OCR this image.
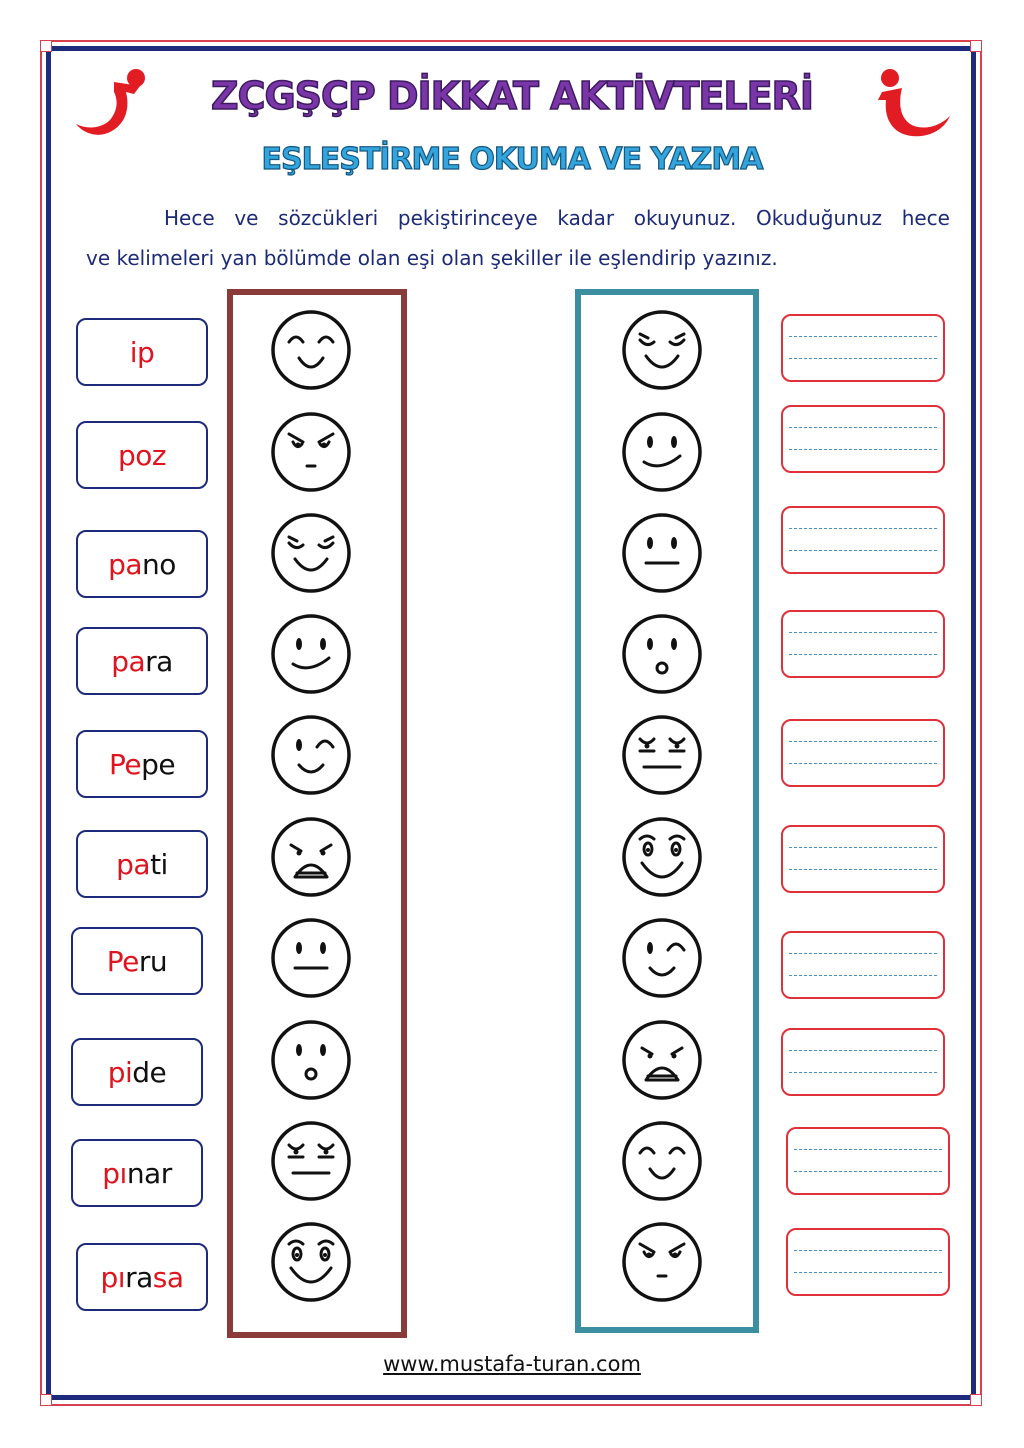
ZÇGŞÇP DİKKAT AKTİVTELERİ
EŞLEŞTİRME OKUMA VE YAZMA

Hece ve sözcükleri pekiştirinceye kadar okuyunuz. Okuduğunuz hece

ve kelimeleri yan bölümde olan eşi olan şekiller ile eşlendirip yazınız.

ip
poz
pano
para
Pepe
pati
Peru
pide
pınar
pırasa

www.mustafa-turan.com
